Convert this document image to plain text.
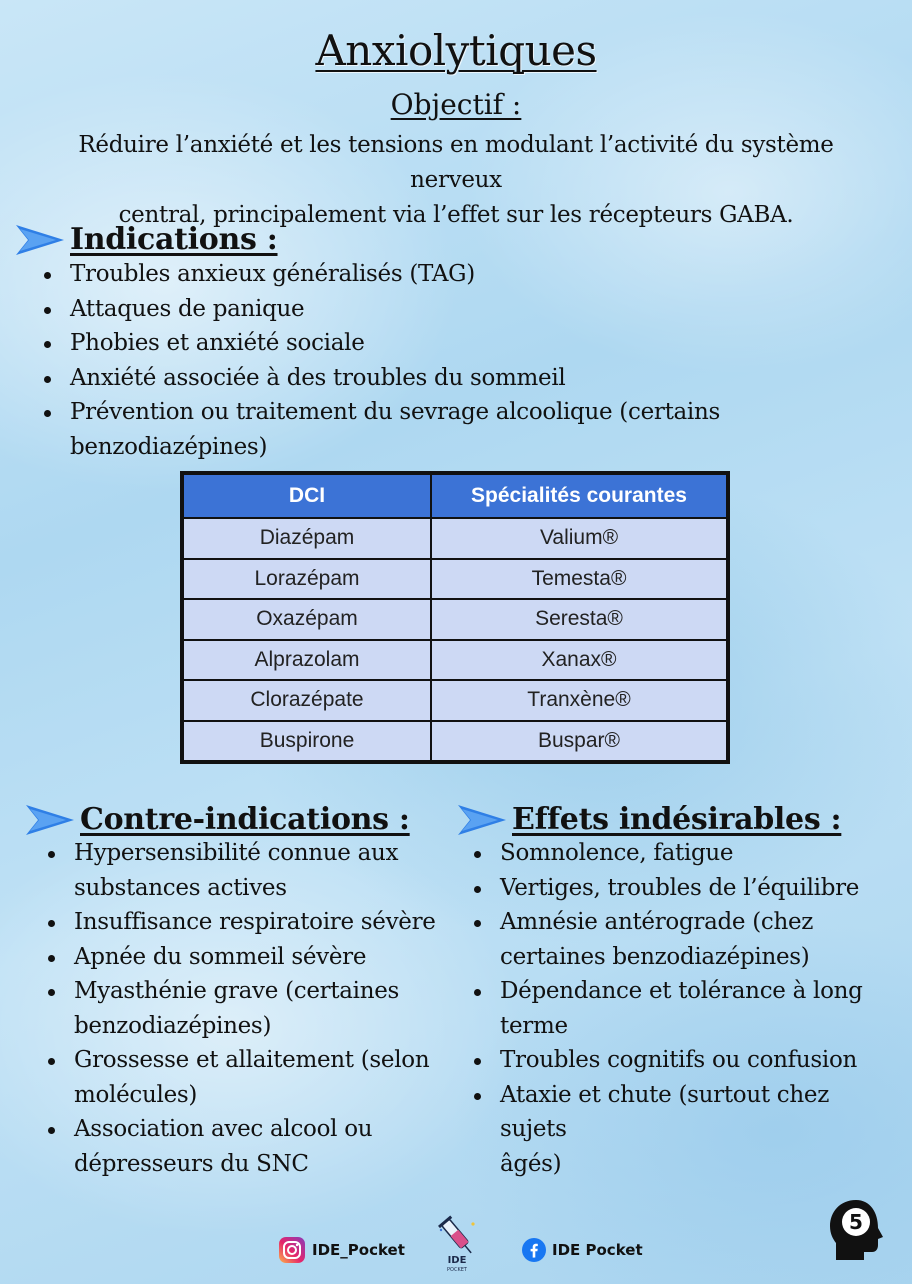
Anxiolytiques
Objectif :
Réduire l’anxiété et les tensions en modulant l’activité du système nerveux
central, principalement via l’effet sur les récepteurs GABA.
Indications :
Troubles anxieux généralisés (TAG)
Attaques de panique
Phobies et anxiété sociale
Anxiété associée à des troubles du sommeil
Prévention ou traitement du sevrage alcoolique (certains benzodiazépines)
DCI	Spécialités courantes
Diazépam	Valium®
Lorazépam	Temesta®
Oxazépam	Seresta®
Alprazolam	Xanax®
Clorazépate	Tranxène®
Buspirone	Buspar®
Contre-indications :
Hypersensibilité connue aux
substances actives
Insuffisance respiratoire sévère
Apnée du sommeil sévère
Myasthénie grave (certaines
benzodiazépines)
Grossesse et allaitement (selon
molécules)
Association avec alcool ou
dépresseurs du SNC
Effets indésirables :
Somnolence, fatigue
Vertiges, troubles de l’équilibre
Amnésie antérograde (chez
certaines benzodiazépines)
Dépendance et tolérance à long
terme
Troubles cognitifs ou confusion
Ataxie et chute (surtout chez sujets
âgés)
IDE_Pocket
IDE
POCKET
IDE Pocket
5
